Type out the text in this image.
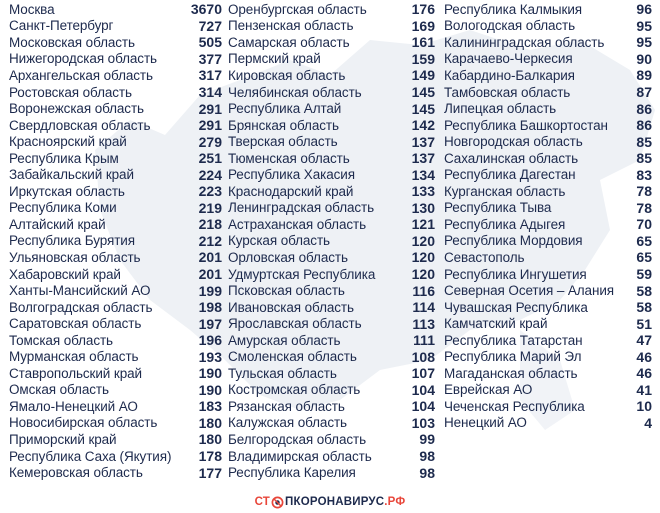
Москва	3670
Санкт-Петербург	727
Московская область	505
Нижегородская область	377
Архангельская область	317
Ростовская область	314
Воронежская область	291
Свердловская область	291
Красноярский край	279
Республика Крым	251
Забайкальский край	224
Иркутская область	223
Республика Коми	219
Алтайский край	218
Республика Бурятия	212
Ульяновская область	201
Хабаровский край	201
Ханты-Мансийский АО	199
Волгоградская область	198
Саратовская область	197
Томская область	196
Мурманская область	193
Ставропольский край	190
Омская область	190
Ямало-Ненецкий АО	183
Новосибирская область	180
Приморский край	180
Республика Саха (Якутия) 178
Кемеровская область	177
Оренбургская область	176
Пензенская область	169
Самарская область	161
Пермский край	159
Кировская область	149
Челябинская область	145
Республика Алтай	145
Брянская область	142
Тверская область	137
Тюменская область	137
Республика Хакасия	134
Краснодарский край	133
Ленинградская область	130
Астраханская область	121
Курская область	120
Орловская область	120
Удмуртская Республика	120
Псковская область	116
Ивановская область	114
Ярославская область	113
Амурская область	111
Смоленская область	108
Тульская область	107
Костромская область	104
Рязанская область	104
Калужская область	103
Белгородская область	99
Владимирская область	98
Республика Карелия	98
Республика Калмыкия	96
Вологодская область	95
Калининградская область 95
Карачаево-Черкесия	90
Кабардино-Балкария	89
Тамбовская область	87
Липецкая область	86
Республика Башкортостан 86
Новгородская область	85
Сахалинская область	85
Республика Дагестан	83
Курганская область	78
Республика Тыва	78
Республика Адыгея	70
Республика Мордовия	65
Севастополь	65
Республика Ингушетия	59
Северная Осетия – Алания 58
Чувашская Республика	58
Камчатский край	51
Республика Татарстан	47
Республика Марий Эл	46
Магаданская область	46
Еврейская АО	41
Чеченская Республика	10
Ненецкий АО	4
СТ ПКОРОНАВИРУС .РФ
